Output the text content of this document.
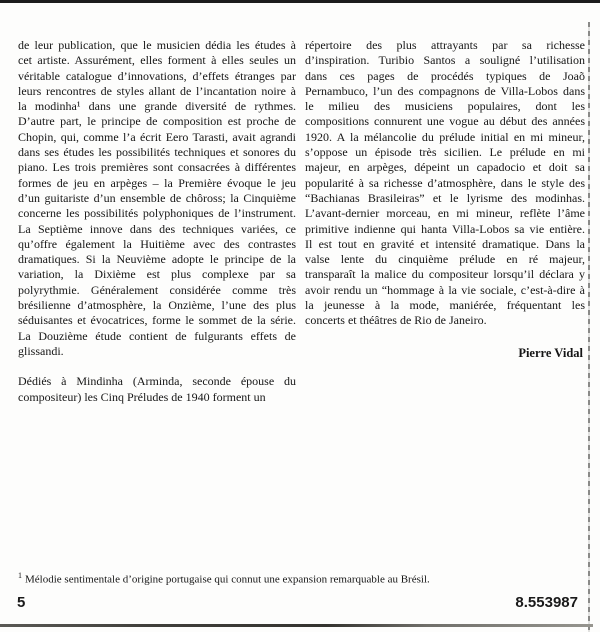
de leur publication, que le musicien dédia les études à
cet artiste. Assurément, elles forment à elles seules un
véritable catalogue d’innovations, d’effets étranges par
leurs rencontres de styles allant de l’incantation noire à
la modinha¹ dans une grande diversité de rythmes.
D’autre part, le principe de composition est proche de
Chopin, qui, comme l’a écrit Eero Tarasti, avait agrandi
dans ses études les possibilités techniques et sonores du
piano. Les trois premières sont consacrées à différentes
formes de jeu en arpèges – la Première évoque le jeu
d’un guitariste d’un ensemble de chôross; la Cinquième
concerne les possibilités polyphoniques de l’instrument.
La Septième innove dans des techniques variées, ce
qu’offre également la Huitième avec des contrastes
dramatiques. Si la Neuvième adopte le principe de la
variation, la Dixième est plus complexe par sa
polyrythmie. Généralement considérée comme très
brésilienne d’atmosphère, la Onzième, l’une des plus
séduisantes et évocatrices, forme le sommet de la série.
La Douzième étude contient de fulgurants effets de
glissandi.
Dédiés à Mindinha (Arminda, seconde épouse du
compositeur) les Cinq Préludes de 1940 forment un
répertoire des plus attrayants par sa richesse
d’inspiration. Turibio Santos a souligné l’utilisation
dans ces pages de procédés typiques de Joaõ
Pernambuco, l’un des compagnons de Villa-Lobos dans
le milieu des musiciens populaires, dont les
compositions connurent une vogue au début des années
1920. A la mélancolie du prélude initial en mi mineur,
s’oppose un épisode très sicilien. Le prélude en mi
majeur, en arpèges, dépeint un capadocio et doit sa
popularité à sa richesse d’atmosphère, dans le style des
“Bachianas Brasileiras” et le lyrisme des modinhas.
L’avant-dernier morceau, en mi mineur, reflète l’âme
primitive indienne qui hanta Villa-Lobos sa vie entière.
Il est tout en gravité et intensité dramatique. Dans la
valse lente du cinquième prélude en ré majeur,
transparaît la malice du compositeur lorsqu’il déclara y
avoir rendu un “hommage à la vie sociale, c’est-à-dire à
la jeunesse à la mode, maniérée, fréquentant les
concerts et théâtres de Rio de Janeiro.
Pierre Vidal
$^1$ Mélodie sentimentale d’origine portugaise qui connut une expansion remarquable au Brésil.
5	8.553987
